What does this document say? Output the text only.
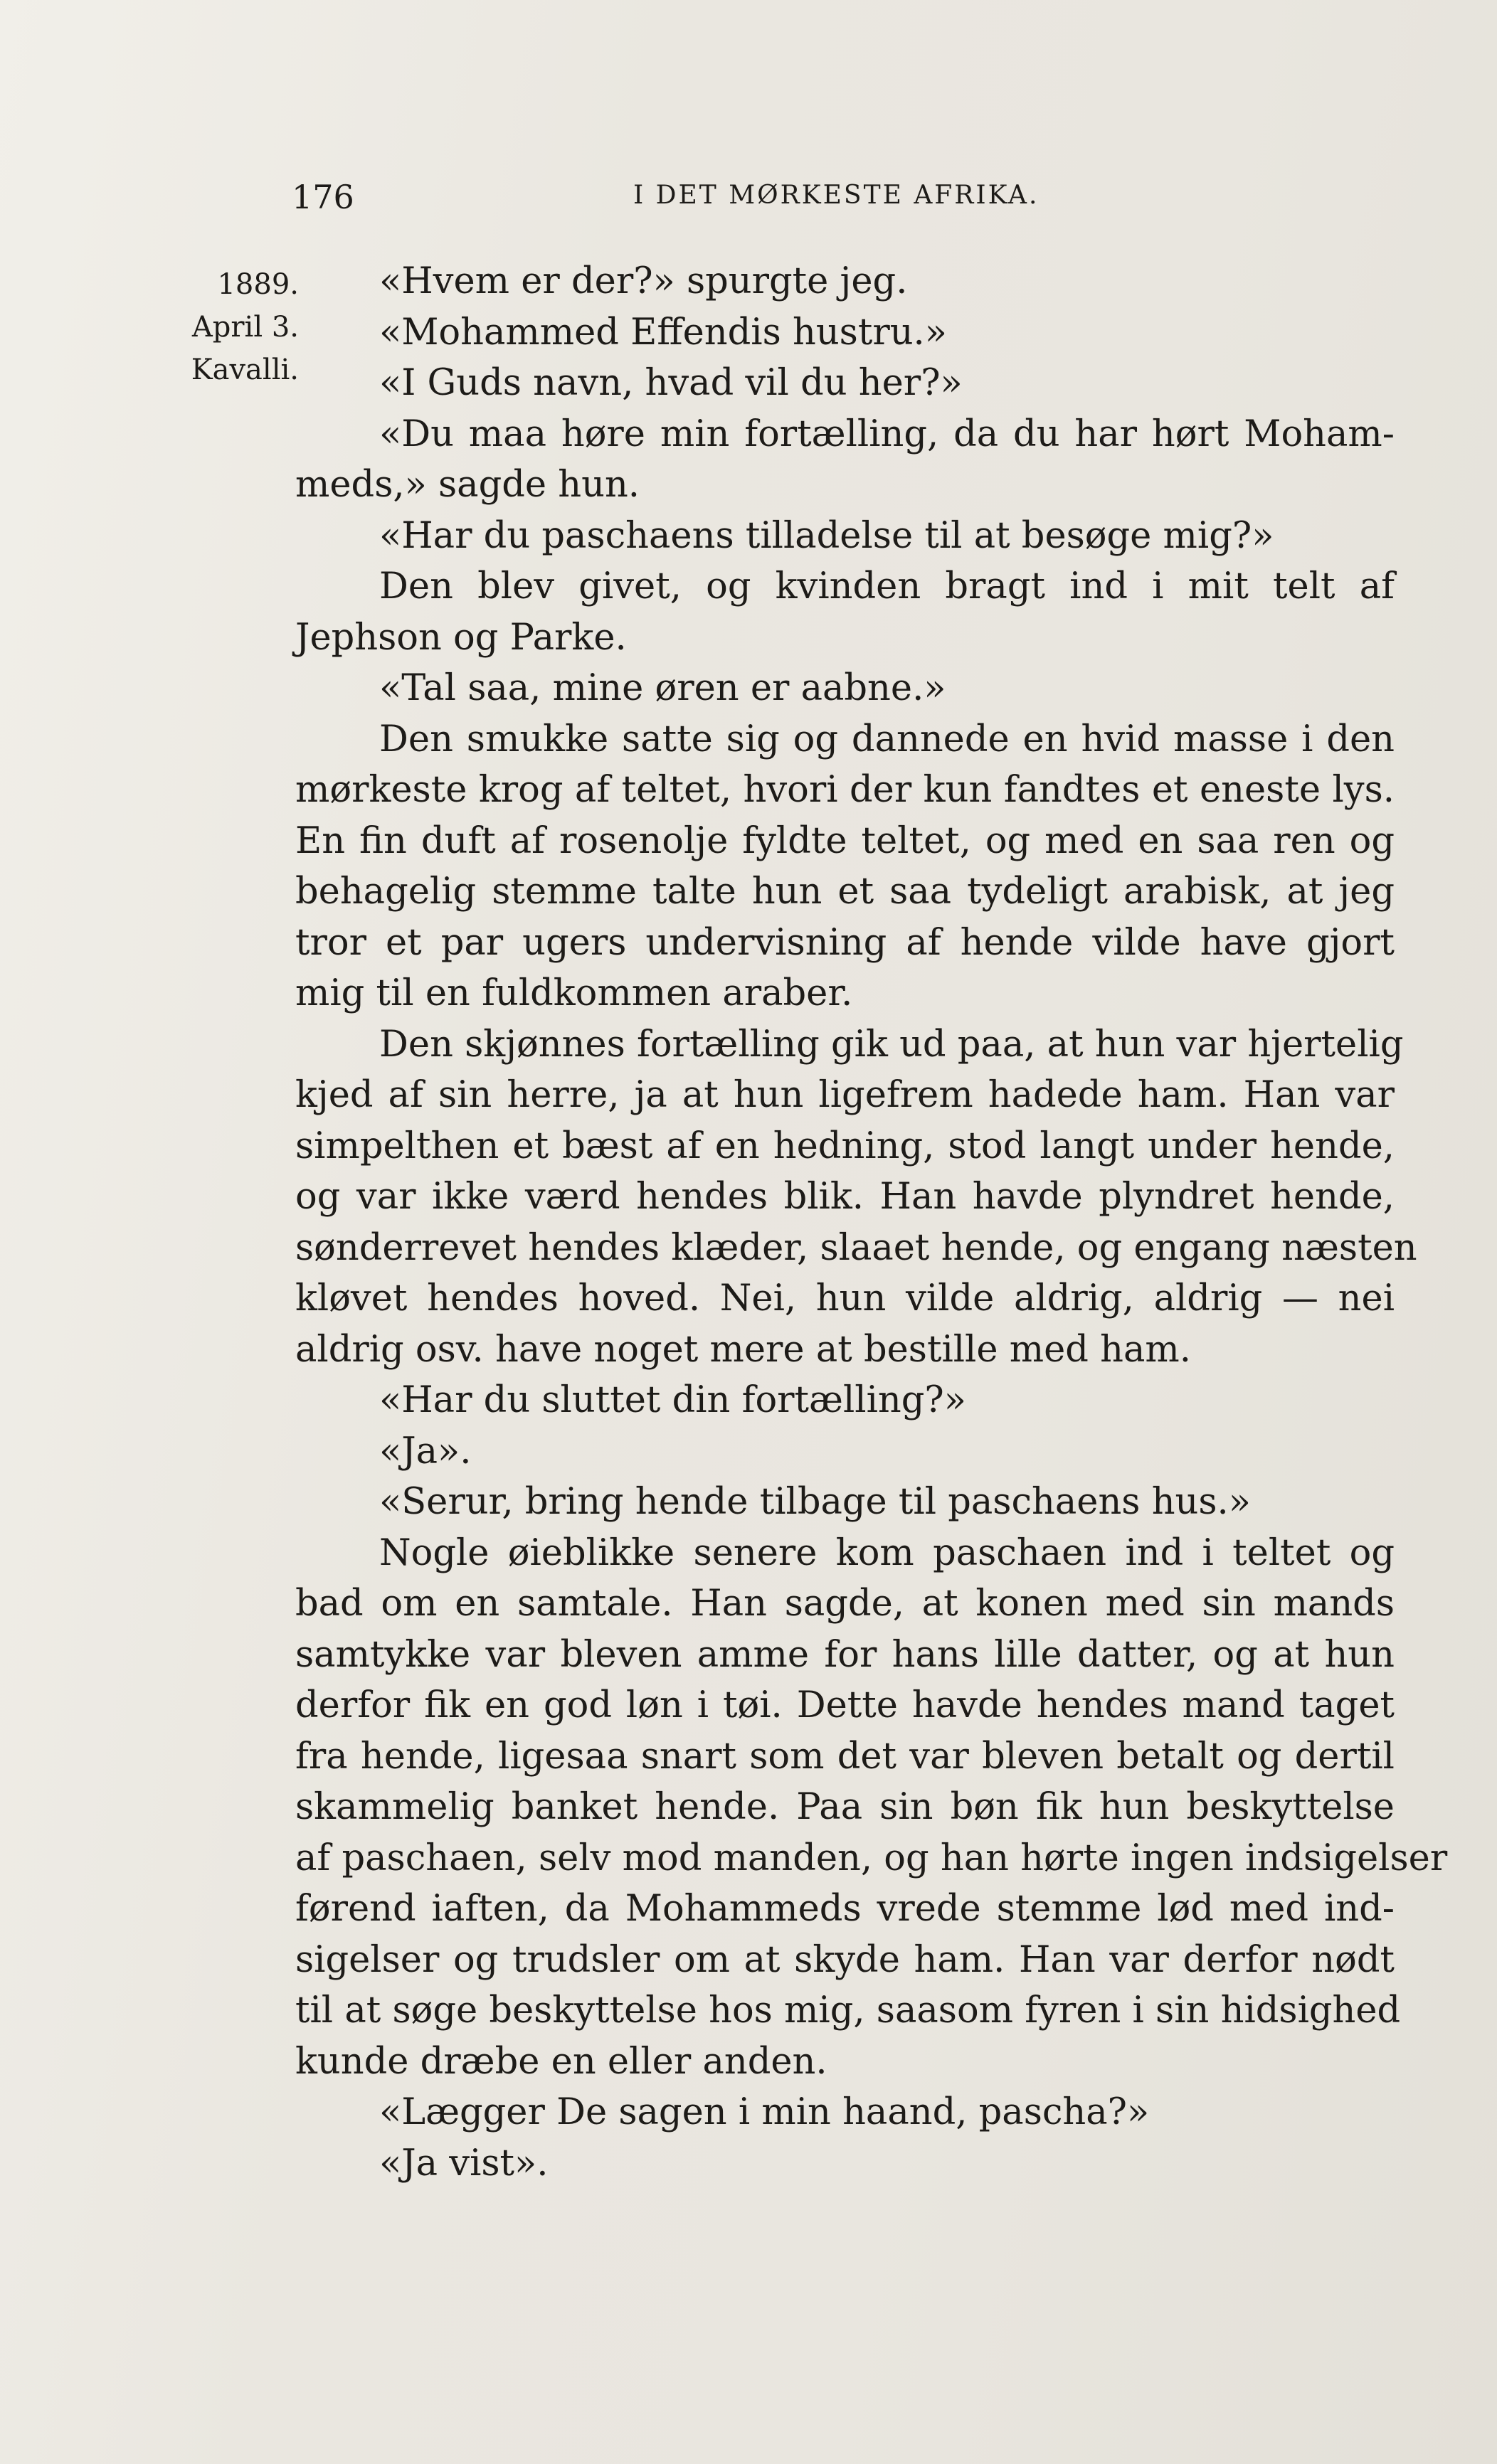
176	I DET MØRKESTE AFRIKA.
1889.
April 3.
Kavalli.
«Hvem er der?» spurgte jeg.
«Mohammed Effendis hustru.»
«I Guds navn, hvad vil du her?»
«Du maa høre min fortælling, da du har hørt Moham-
meds,» sagde hun.
«Har du paschaens tilladelse til at besøge mig?»
Den blev givet, og kvinden bragt ind i mit telt af
Jephson og Parke.
«Tal saa, mine øren er aabne.»
Den smukke satte sig og dannede en hvid masse i den
mørkeste krog af teltet, hvori der kun fandtes et eneste lys.
En fin duft af rosenolje fyldte teltet, og med en saa ren og
behagelig stemme talte hun et saa tydeligt arabisk, at jeg
tror et par ugers undervisning af hende vilde have gjort
mig til en fuldkommen araber.
Den skjønnes fortælling gik ud paa, at hun var hjertelig
kjed af sin herre, ja at hun ligefrem hadede ham. Han var
simpelthen et bæst af en hedning, stod langt under hende,
og var ikke værd hendes blik. Han havde plyndret hende,
sønderrevet hendes klæder, slaaet hende, og engang næsten
kløvet hendes hoved. Nei, hun vilde aldrig, aldrig — nei
aldrig osv. have noget mere at bestille med ham.
«Har du sluttet din fortælling?»
«Ja».
«Serur, bring hende tilbage til paschaens hus.»
Nogle øieblikke senere kom paschaen ind i teltet og
bad om en samtale. Han sagde, at konen med sin mands
samtykke var bleven amme for hans lille datter, og at hun
derfor fik en god løn i tøi. Dette havde hendes mand taget
fra hende, ligesaa snart som det var bleven betalt og dertil
skammelig banket hende. Paa sin bøn fik hun beskyttelse
af paschaen, selv mod manden, og han hørte ingen indsigelser
førend iaften, da Mohammeds vrede stemme lød med ind-
sigelser og trudsler om at skyde ham. Han var derfor nødt
til at søge beskyttelse hos mig, saasom fyren i sin hidsighed
kunde dræbe en eller anden.
«Lægger De sagen i min haand, pascha?»
«Ja vist».
